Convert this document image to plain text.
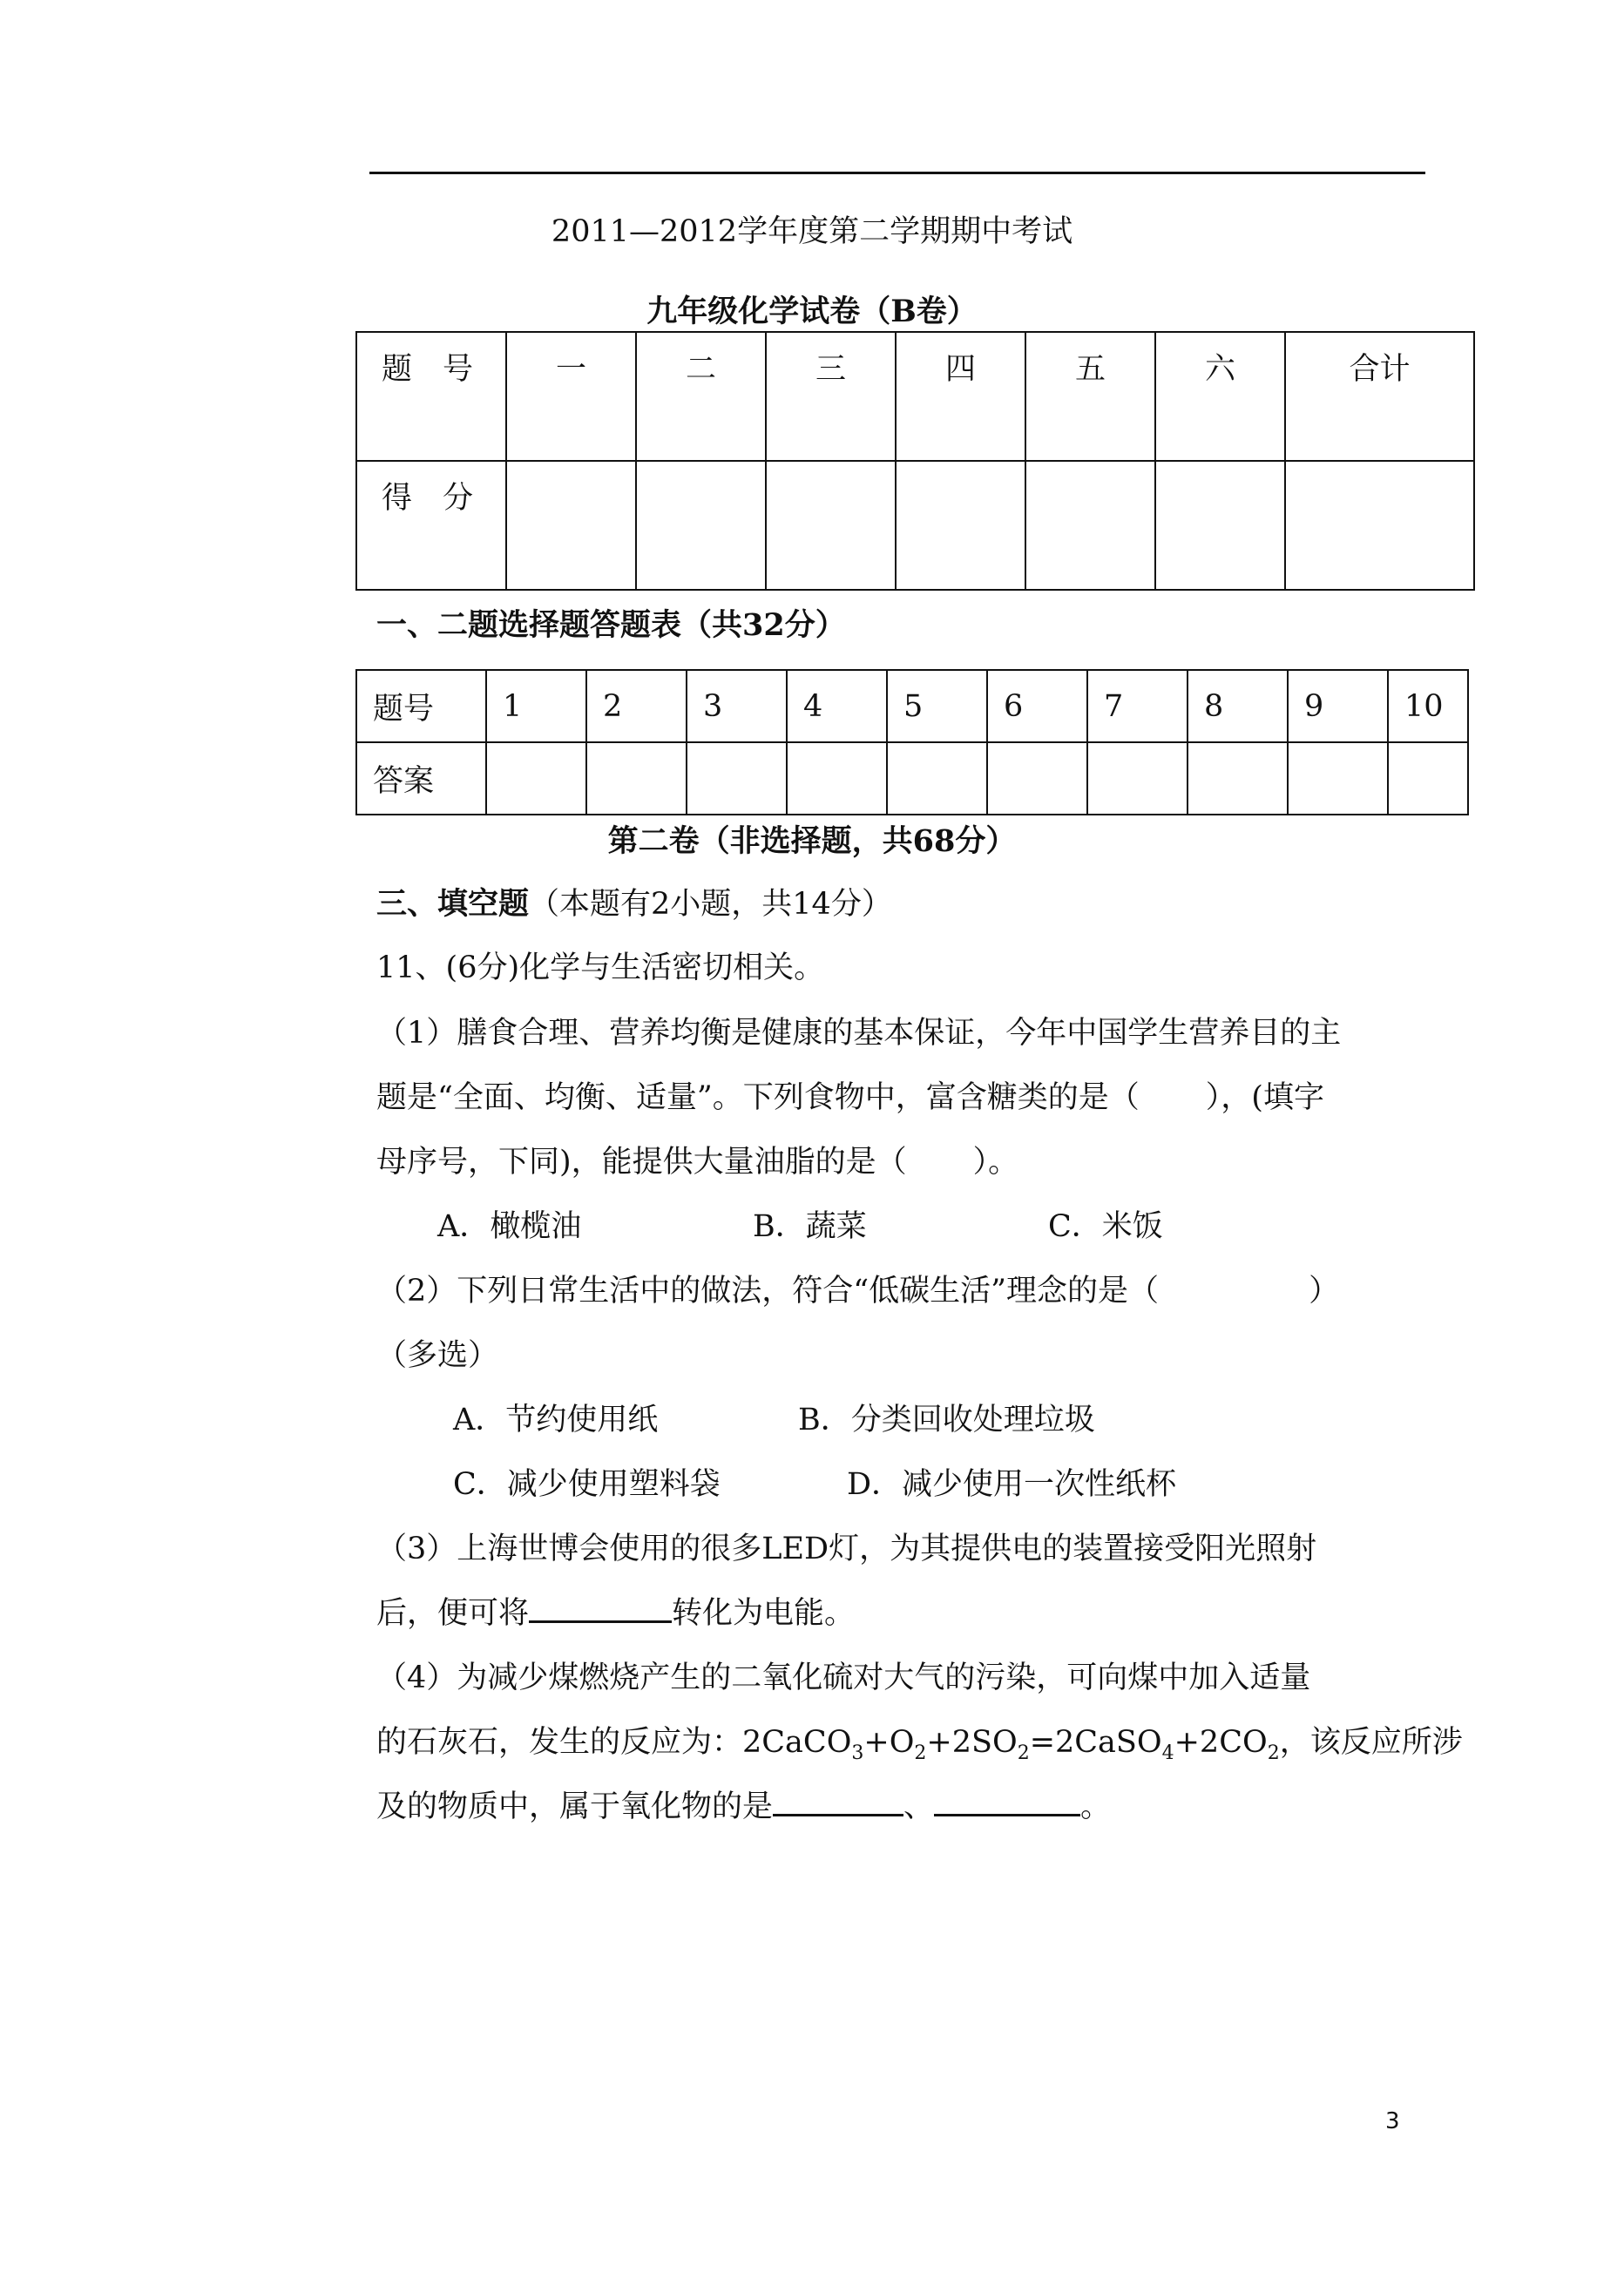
2011—2012学年度第二学期期中考试
九年级化学试卷（B卷）
题　号	一	二	三	四	五	六	合计

得　分							

一、二题选择题答题表（共32分）
题号	1	2	3	4	5	6	7	8	9	10
答案										
第二卷（非选择题，共68分）
三、填空题（本题有2小题，共14分）
11、(6分)化学与生活密切相关。
（1）膳食合理、营养均衡是健康的基本保证，今年中国学生营养目的主
题是“全面、均衡、适量”。下列食物中，富含糖类的是（ ），(填字
母序号，下同)，能提供大量油脂的是（ ）。
A．橄榄油	B．蔬菜	C．米饭
（2）下列日常生活中的做法，符合“低碳生活”理念的是（	）
（多选）
A．节约使用纸	B．分类回收处理垃圾
C．减少使用塑料袋	D．减少使用一次性纸杯
（3）上海世博会使用的很多LED灯，为其提供电的装置接受阳光照射
后，便可将	转化为电能。
（4）为减少煤燃烧产生的二氧化硫对大气的污染，可向煤中加入适量
的石灰石，发生的反应为：$2CaCO_3+O_2+2SO_2=2CaSO_4+2CO_2$，该反应所涉
及的物质中，属于氧化物的是	、	。
3
